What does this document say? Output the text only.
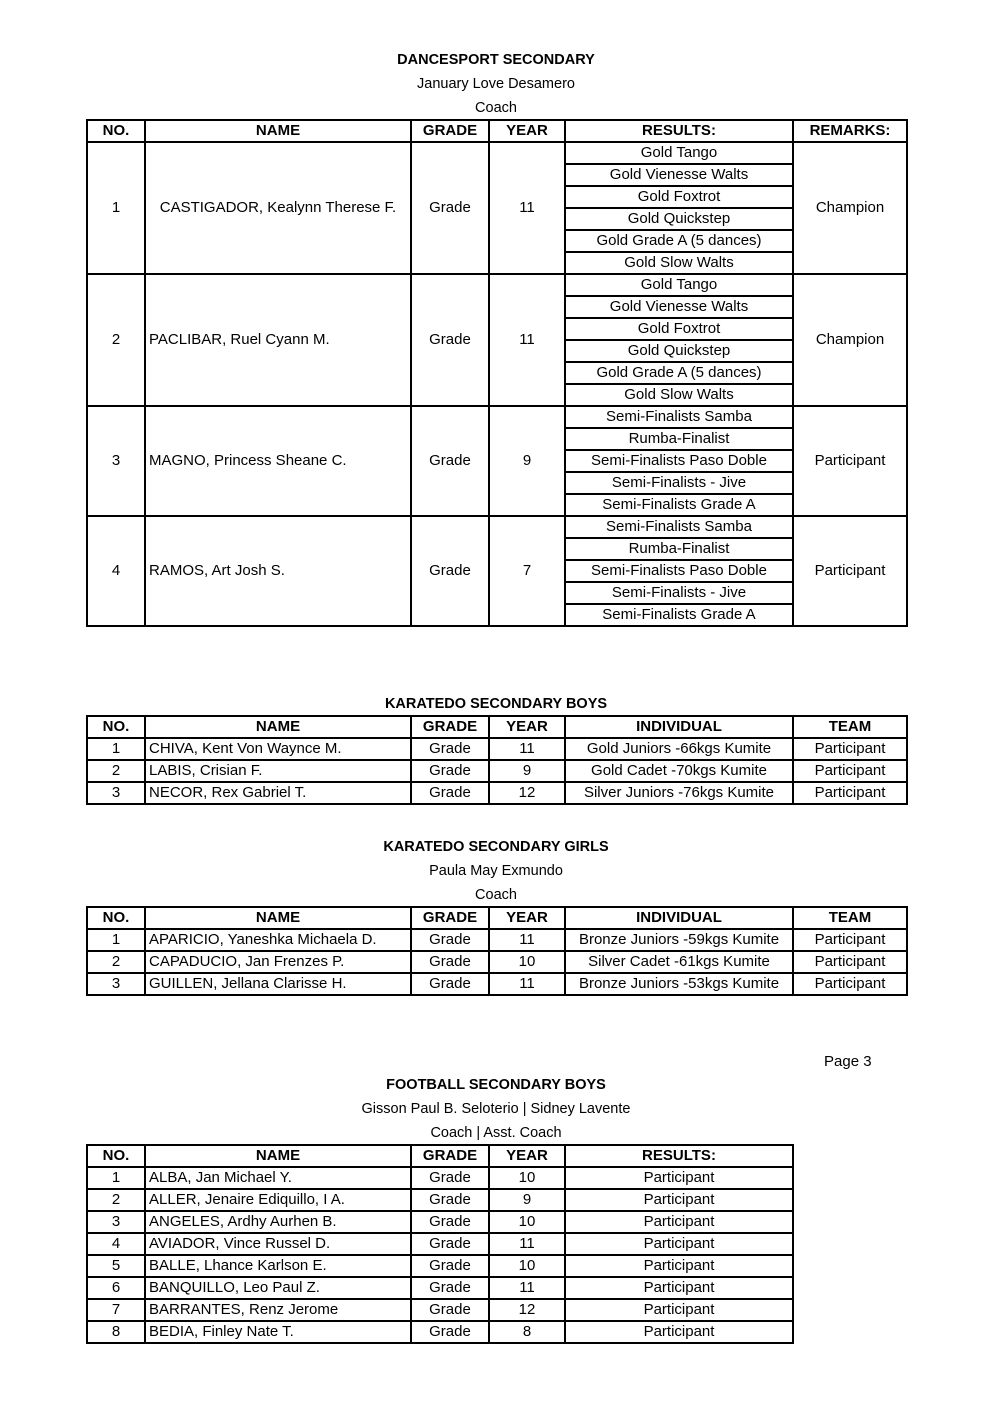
DANCESPORT SECONDARY
January Love Desamero
Coach
NO.	NAME	GRADE	YEAR	RESULTS:	REMARKS:
1	CASTIGADOR, Kealynn Therese F.	Grade	11	Gold Tango	Champion
				Gold Vienesse Walts	
				Gold Foxtrot	
				Gold Quickstep	
				Gold Grade A (5 dances)	
				Gold Slow Walts	
2	PACLIBAR, Ruel Cyann M.	Grade	11	Gold Tango	Champion
				Gold Vienesse Walts	
				Gold Foxtrot	
				Gold Quickstep	
				Gold Grade A (5 dances)	
				Gold Slow Walts	
3	MAGNO, Princess Sheane C.	Grade	9	Semi-Finalists Samba	Participant
				Rumba-Finalist	
				Semi-Finalists Paso Doble	
				Semi-Finalists - Jive	
				Semi-Finalists Grade A	
4	RAMOS, Art Josh S.	Grade	7	Semi-Finalists Samba	Participant
				Rumba-Finalist	
				Semi-Finalists Paso Doble	
				Semi-Finalists - Jive	
				Semi-Finalists Grade A	
KARATEDO SECONDARY BOYS
NO.	NAME	GRADE	YEAR	INDIVIDUAL	TEAM
1	CHIVA, Kent Von Waynce M.	Grade	11	Gold Juniors -66kgs Kumite	Participant
2	LABIS, Crisian F.	Grade	9	Gold Cadet -70kgs Kumite	Participant
3	NECOR, Rex Gabriel T.	Grade	12	Silver Juniors -76kgs Kumite	Participant
KARATEDO SECONDARY GIRLS
Paula May Exmundo
Coach
NO.	NAME	GRADE	YEAR	INDIVIDUAL	TEAM
1	APARICIO, Yaneshka Michaela D.	Grade	11	Bronze Juniors -59kgs Kumite	Participant
2	CAPADUCIO, Jan Frenzes P.	Grade	10	Silver Cadet -61kgs Kumite	Participant
3	GUILLEN, Jellana Clarisse H.	Grade	11	Bronze Juniors -53kgs Kumite	Participant
Page 3
FOOTBALL SECONDARY BOYS
Gisson Paul B. Seloterio | Sidney Lavente
Coach | Asst. Coach
NO.	NAME	GRADE	YEAR	RESULTS:
1	ALBA, Jan Michael Y.	Grade	10	Participant
2	ALLER, Jenaire Ediquillo, I A.	Grade	9	Participant
3	ANGELES, Ardhy Aurhen B.	Grade	10	Participant
4	AVIADOR, Vince Russel D.	Grade	11	Participant
5	BALLE, Lhance Karlson E.	Grade	10	Participant
6	BANQUILLO, Leo Paul Z.	Grade	11	Participant
7	BARRANTES, Renz Jerome	Grade	12	Participant
8	BEDIA, Finley Nate T.	Grade	8	Participant
